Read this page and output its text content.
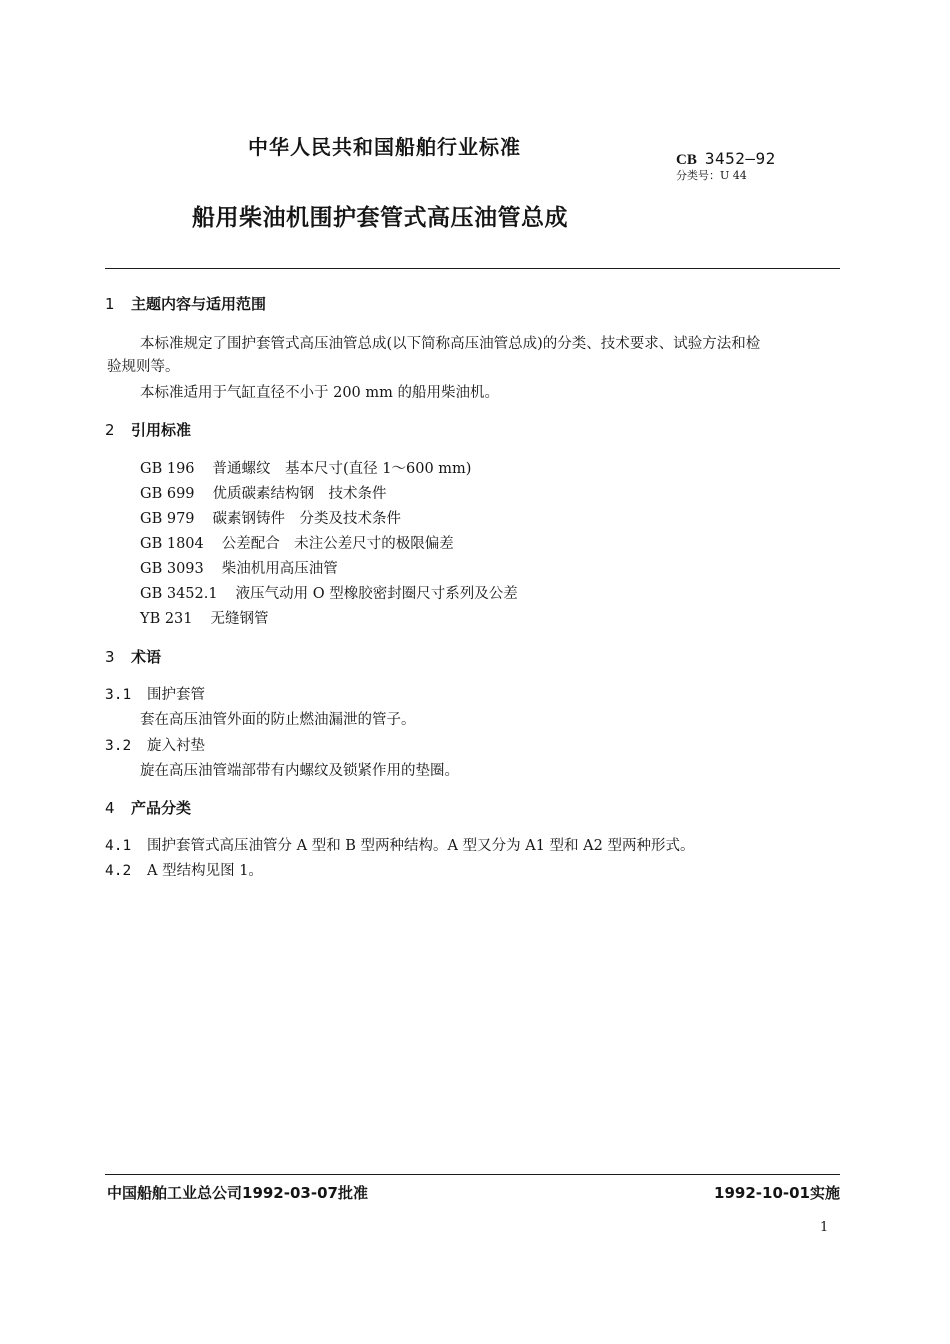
中华人民共和国船舶行业标准

CB 3452—92

分类号：U 44

船用柴油机围护套管式高压油管总成

1 主题内容与适用范围

本标准规定了围护套管式高压油管总成(以下简称高压油管总成)的分类、技术要求、试验方法和检

验规则等。

本标准适用于气缸直径不小于 200 mm 的船用柴油机。

2 引用标准

GB 196 普通螺纹　基本尺寸(直径 1～600 mm)

GB 699 优质碳素结构钢　技术条件

GB 979 碳素钢铸件　分类及技术条件

GB 1804 公差配合　未注公差尺寸的极限偏差

GB 3093 柴油机用高压油管

GB 3452.1 液压气动用 O 型橡胶密封圈尺寸系列及公差

YB 231 无缝钢管

3 术语

3.1 围护套管

套在高压油管外面的防止燃油漏泄的管子。

3.2 旋入衬垫

旋在高压油管端部带有内螺纹及锁紧作用的垫圈。

4 产品分类

4.1 围护套管式高压油管分 A 型和 B 型两种结构。A 型又分为 A1 型和 A2 型两种形式。

4.2 A 型结构见图 1。

中国船舶工业总公司1992-03-07批准	1992-10-01实施

1
